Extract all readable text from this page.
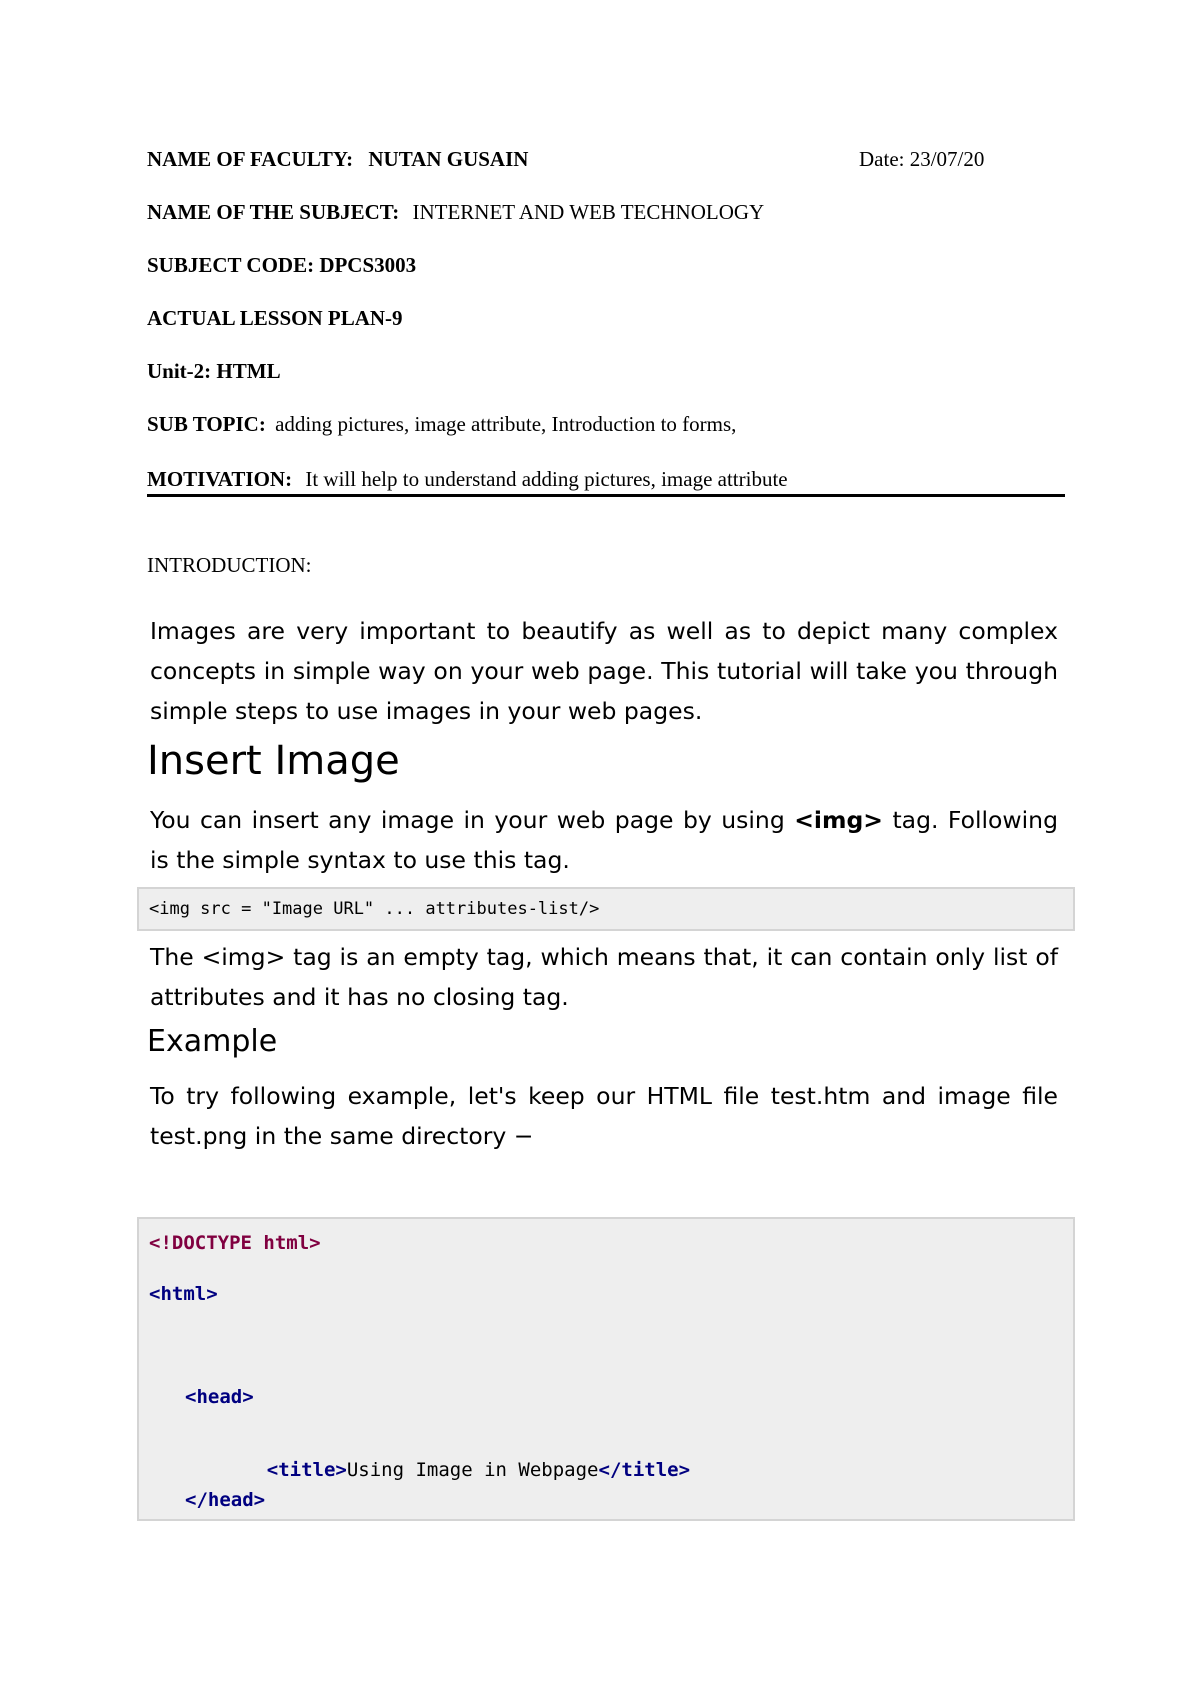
NAME OF FACULTY: NUTAN GUSAIN	Date: 23/07/20
NAME OF THE SUBJECT: INTERNET AND WEB TECHNOLOGY
SUBJECT CODE: DPCS3003
ACTUAL LESSON PLAN-9
Unit-2: HTML
SUB TOPIC: adding pictures, image attribute, Introduction to forms,
MOTIVATION: It will help to understand adding pictures, image attribute
INTRODUCTION:
Images are very important to beautify as well as to depict many complex concepts in simple way on your web page. This tutorial will take you through simple steps to use images in your web pages.
Insert Image
You can insert any image in your web page by using <img> tag. Following is the simple syntax to use this tag.
<img src = "Image URL" ... attributes-list/>
The <img> tag is an empty tag, which means that, it can contain only list of attributes and it has no closing tag.
Example
To try following example, let's keep our HTML file test.htm and image file test.png in the same directory −
<!DOCTYPE html>
<html>
<head>

<title>Using Image in Webpage</title>

</head>
